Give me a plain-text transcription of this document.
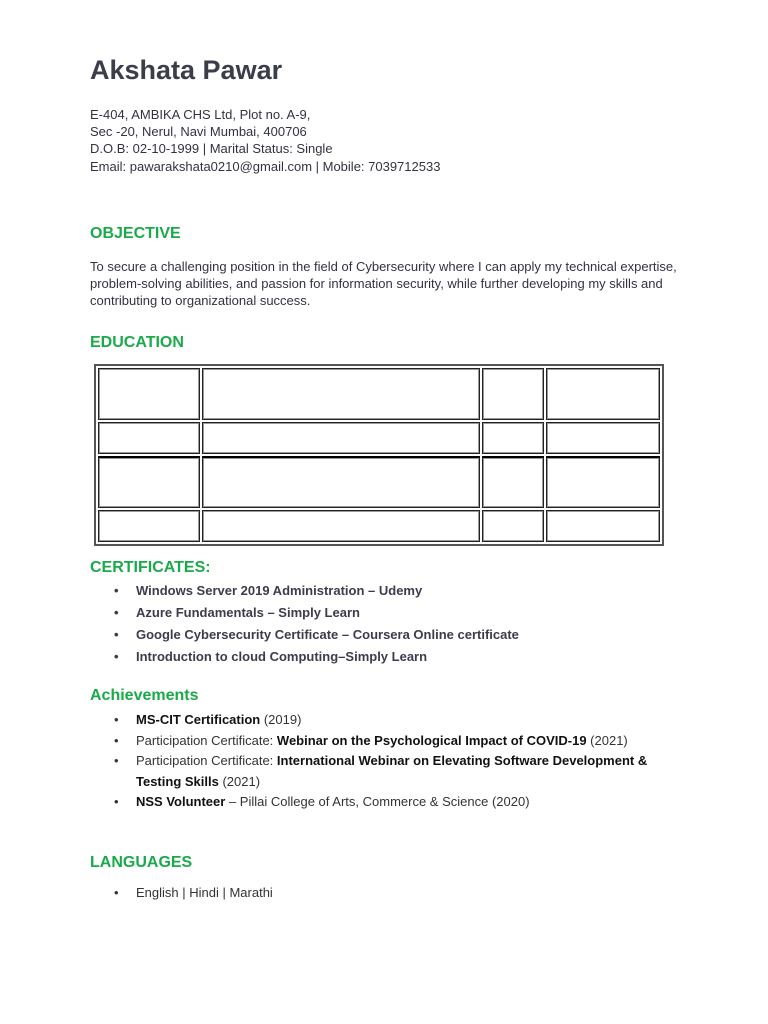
Akshata Pawar
E-404, AMBIKA CHS Ltd, Plot no. A-9,
Sec -20, Nerul, Navi Mumbai, 400706
D.O.B: 02-10-1999 | Marital Status: Single
Email: pawarakshata0210@gmail.com | Mobile: 7039712533
OBJECTIVE
To secure a challenging position in the field of Cybersecurity where I can apply my technical expertise, problem-solving abilities, and passion for information security, while further developing my skills and contributing to organizational success.
EDUCATION

CERTIFICATES:
• Windows Server 2019 Administration – Udemy
• Azure Fundamentals – Simply Learn
• Google Cybersecurity Certificate – Coursera Online certificate
• Introduction to cloud Computing–Simply Learn
Achievements
• MS-CIT Certification (2019)
• Participation Certificate: Webinar on the Psychological Impact of COVID-19 (2021)
• Participation Certificate: International Webinar on Elevating Software Development & Testing Skills (2021)
• NSS Volunteer – Pillai College of Arts, Commerce & Science (2020)
LANGUAGES
• English | Hindi | Marathi
